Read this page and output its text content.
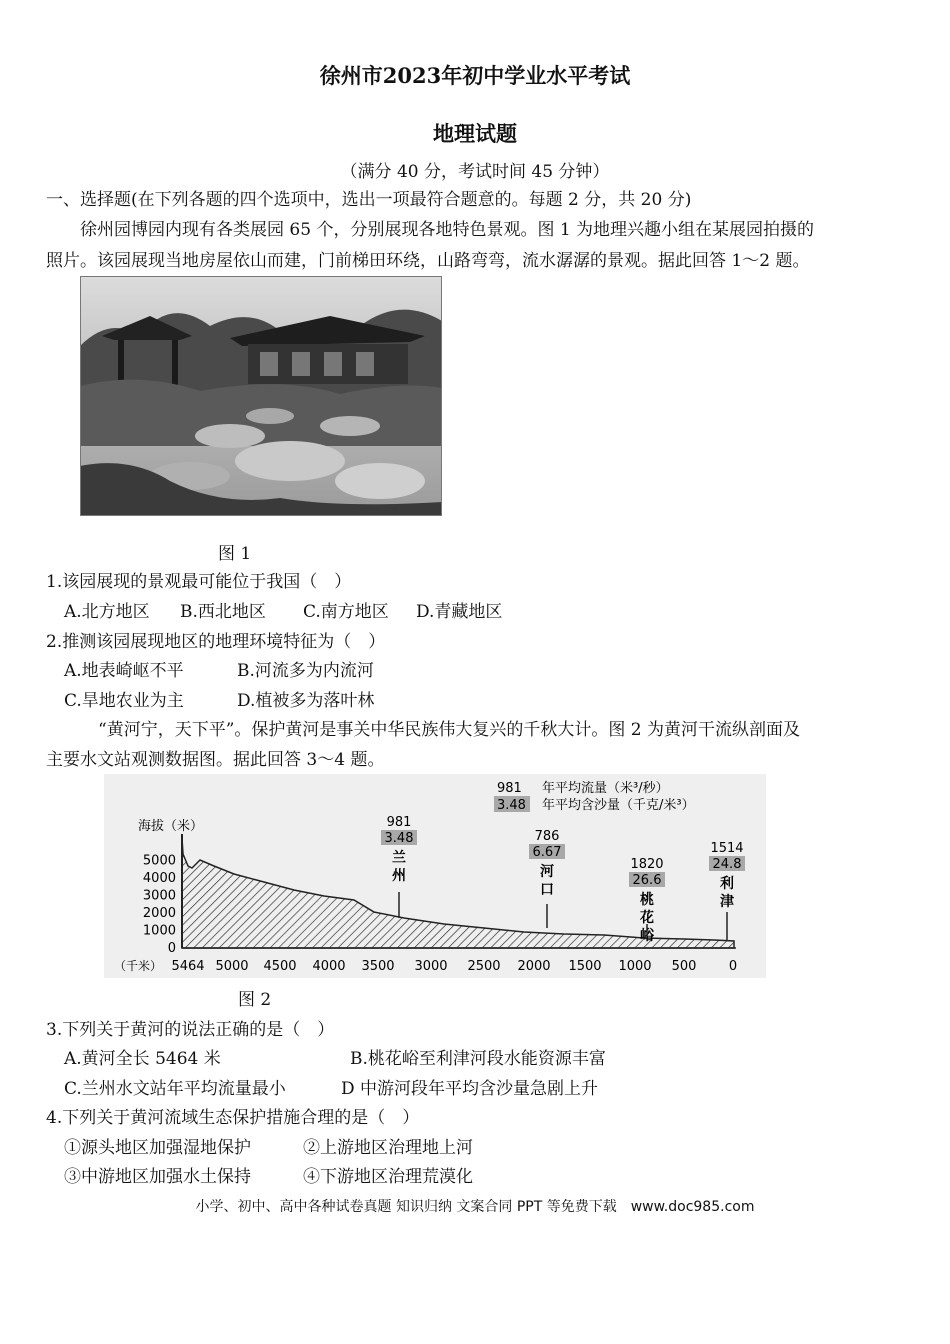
徐州市2023年初中学业水平考试
地理试题
（满分 40 分，考试时间 45 分钟）
一、选择题(在下列各题的四个选项中，选出一项最符合题意的。每题 2 分，共 20 分)
徐州园博园内现有各类展园 65 个，分别展现各地特色景观。图 1 为地理兴趣小组在某展园拍摄的
照片。该园展现当地房屋依山而建，门前梯田环绕，山路弯弯，流水潺潺的景观。据此回答 1～2 题。
图 1
1.该园展现的景观最可能位于我国（　）
A.北方地区 B.西北地区 C.南方地区 D.青藏地区
2.推测该园展现地区的地理环境特征为（　）
A.地表崎岖不平	B.河流多为内流河
C.旱地农业为主	D.植被多为落叶林
“黄河宁，天下平”。保护黄河是事关中华民族伟大复兴的千秋大计。图 2 为黄河干流纵剖面及
主要水文站观测数据图。据此回答 3～4 题。
981
3.48
年平均流量（米³/秒）
年平均含沙量（千克/米³）
海拔（米）
5000
4000
3000
2000
1000
0
5464 5000 4500 4000 3500 3000 2500 2000 1500 1000 500 0
（千米）
981
3.48
兰
州
786
6.67
河
口
1820
26.6
桃
花
峪
1514
24.8
利
津
图 2
3.下列关于黄河的说法正确的是（　）
A.黄河全长 5464 米	B.桃花峪至利津河段水能资源丰富
C.兰州水文站年平均流量最小	D 中游河段年平均含沙量急剧上升
4.下列关于黄河流域生态保护措施合理的是（　）
①源头地区加强湿地保护	②上游地区治理地上河
③中游地区加强水土保持	④下游地区治理荒漠化
小学、初中、高中各种试卷真题 知识归纳 文案合同 PPT 等免费下载　www.doc985.com
